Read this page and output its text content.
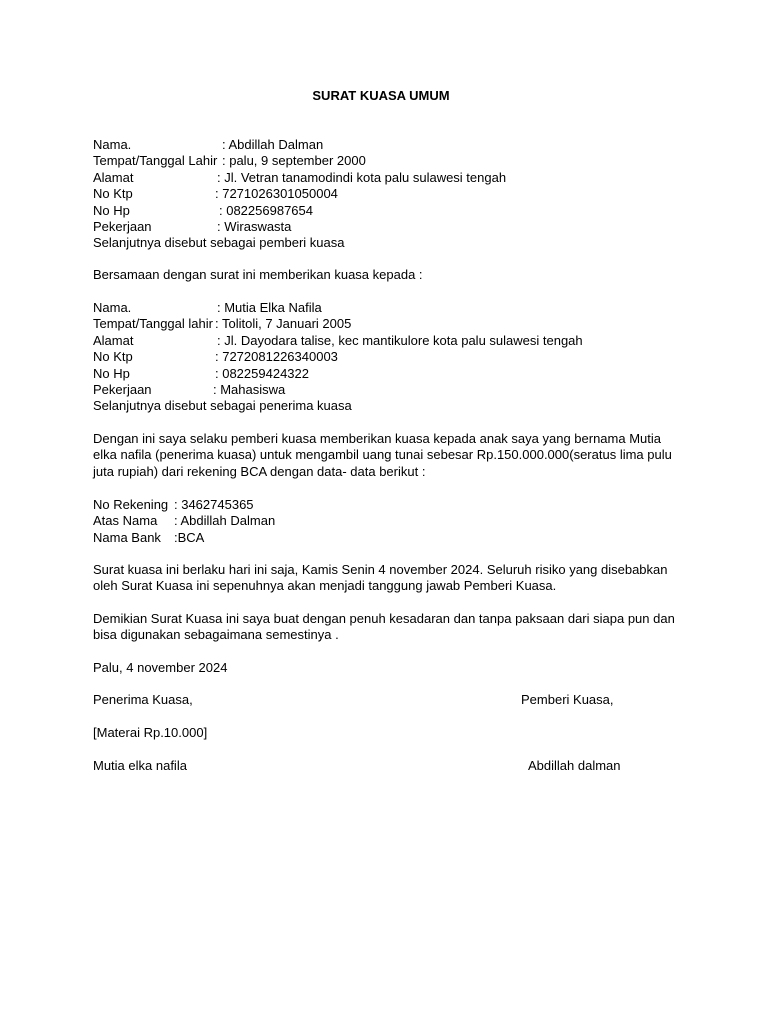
SURAT KUASA UMUM
Nama.	: Abdillah Dalman
Tempat/Tanggal Lahir : palu, 9 september 2000
Alamat	: Jl. Vetran tanamodindi kota palu sulawesi tengah
No Ktp	: 7271026301050004
No Hp	: 082256987654
Pekerjaan	: Wiraswasta
Selanjutnya disebut sebagai pemberi kuasa
Bersamaan dengan surat ini memberikan kuasa kepada :
Nama.	: Mutia Elka Nafila
Tempat/Tanggal lahir : Tolitoli, 7 Januari 2005
Alamat	: Jl. Dayodara talise, kec mantikulore kota palu sulawesi tengah
No Ktp	: 7272081226340003
No Hp	: 082259424322
Pekerjaan	: Mahasiswa
Selanjutnya disebut sebagai penerima kuasa
Dengan ini saya selaku pemberi kuasa memberikan kuasa kepada anak saya yang bernama Mutia
elka nafila (penerima kuasa) untuk mengambil uang tunai sebesar Rp.150.000.000(seratus lima pulu
juta rupiah) dari rekening BCA dengan data- data berikut :
No Rekening : 3462745365
Atas Nama : Abdillah Dalman
Nama Bank :BCA
Surat kuasa ini berlaku hari ini saja, Kamis Senin 4 november 2024. Seluruh risiko yang disebabkan
oleh Surat Kuasa ini sepenuhnya akan menjadi tanggung jawab Pemberi Kuasa.
Demikian Surat Kuasa ini saya buat dengan penuh kesadaran dan tanpa paksaan dari siapa pun dan
bisa digunakan sebagaimana semestinya .
Palu, 4 november 2024
Penerima Kuasa,	Pemberi Kuasa,
[Materai Rp.10.000]
Mutia elka nafila	Abdillah dalman
